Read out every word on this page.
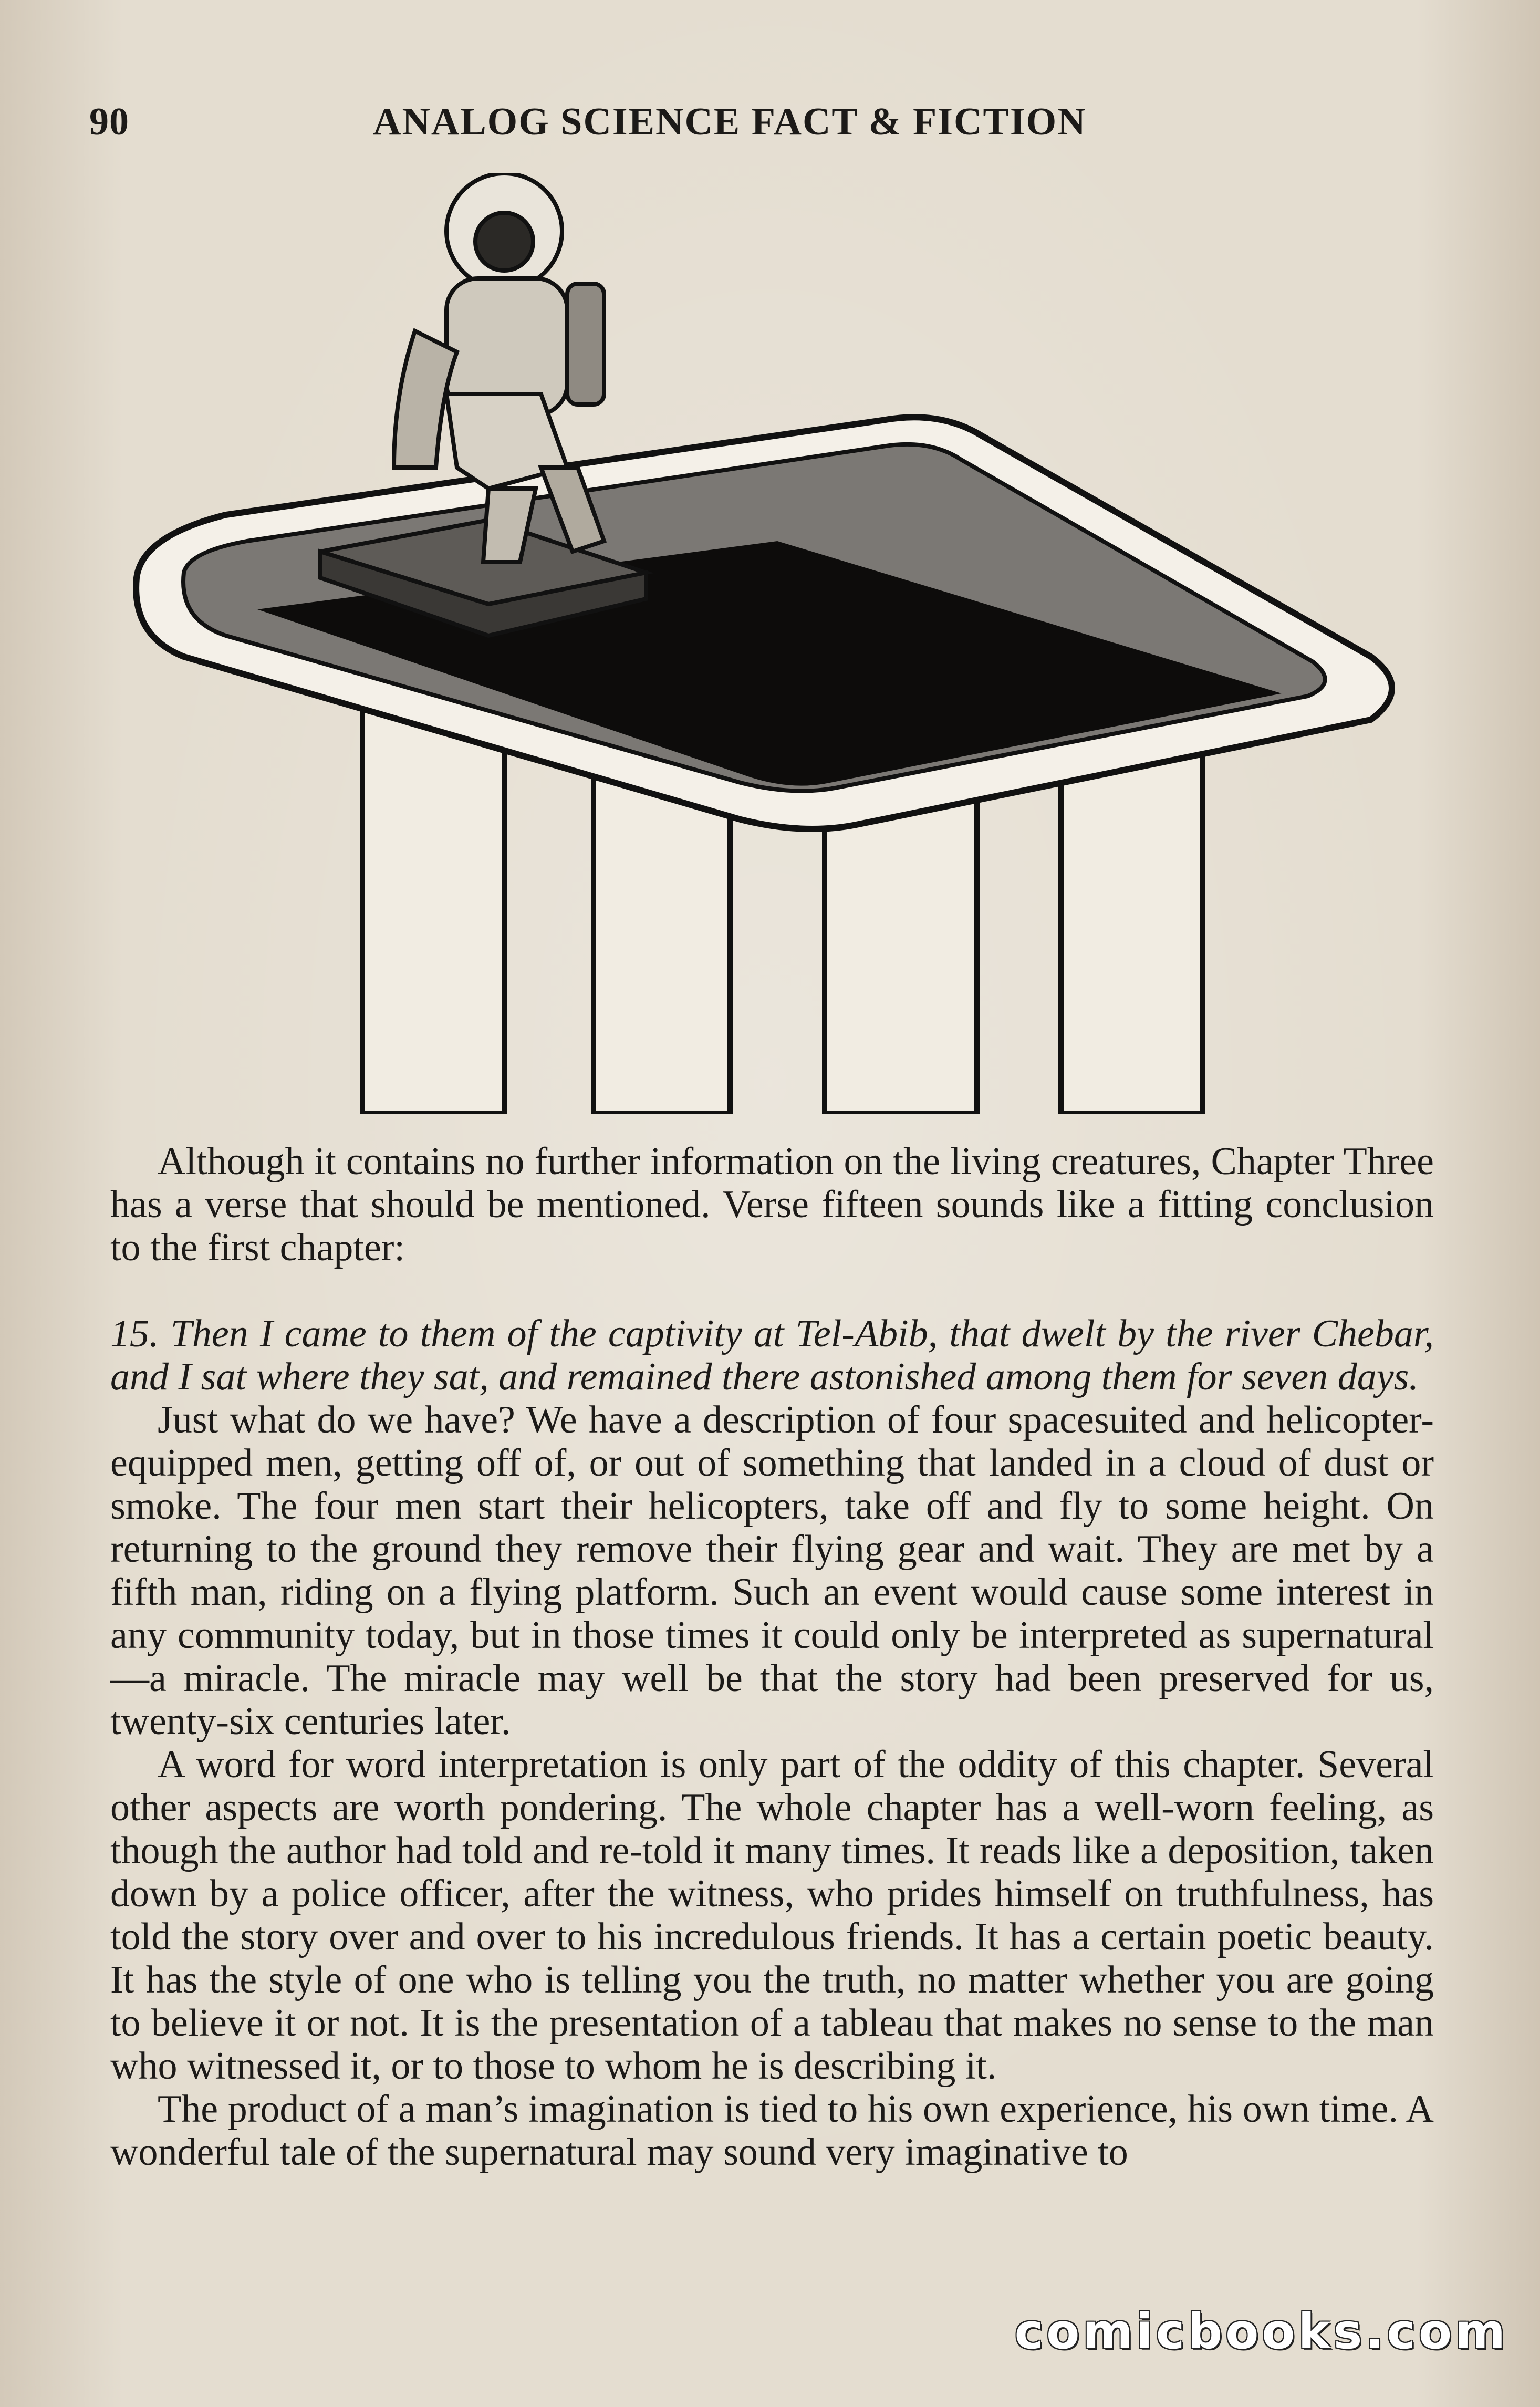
90	ANALOG SCIENCE FACT & FICTION

Although it contains no further information on the living creatures, Chapter Three has a verse that should be mentioned. Verse fifteen sounds like a fitting conclusion to the first chapter:

15. Then I came to them of the captivity at Tel-Abib, that dwelt by the river Chebar, and I sat where they sat, and remained there astonished among them for seven days.

Just what do we have? We have a description of four spacesuited and helicopter-equipped men, getting off of, or out of something that landed in a cloud of dust or smoke. The four men start their helicopters, take off and fly to some height. On returning to the ground they remove their flying gear and wait. They are met by a fifth man, riding on a flying platform. Such an event would cause some interest in any community today, but in those times it could only be interpreted as supernatural—a miracle. The miracle may well be that the story had been preserved for us, twenty-six centuries later.

A word for word interpretation is only part of the oddity of this chapter. Several other aspects are worth pondering. The whole chapter has a well-worn feeling, as though the author had told and re-told it many times. It reads like a deposition, taken down by a police officer, after the witness, who prides himself on truthfulness, has told the story over and over to his incredulous friends. It has a certain poetic beauty. It has the style of one who is telling you the truth, no matter whether you are going to believe it or not. It is the presentation of a tableau that makes no sense to the man who witnessed it, or to those to whom he is describing it.

The product of a man’s imagination is tied to his own experience, his own time. A wonderful tale of the supernatural may sound very imaginative to

comicbooks.com
